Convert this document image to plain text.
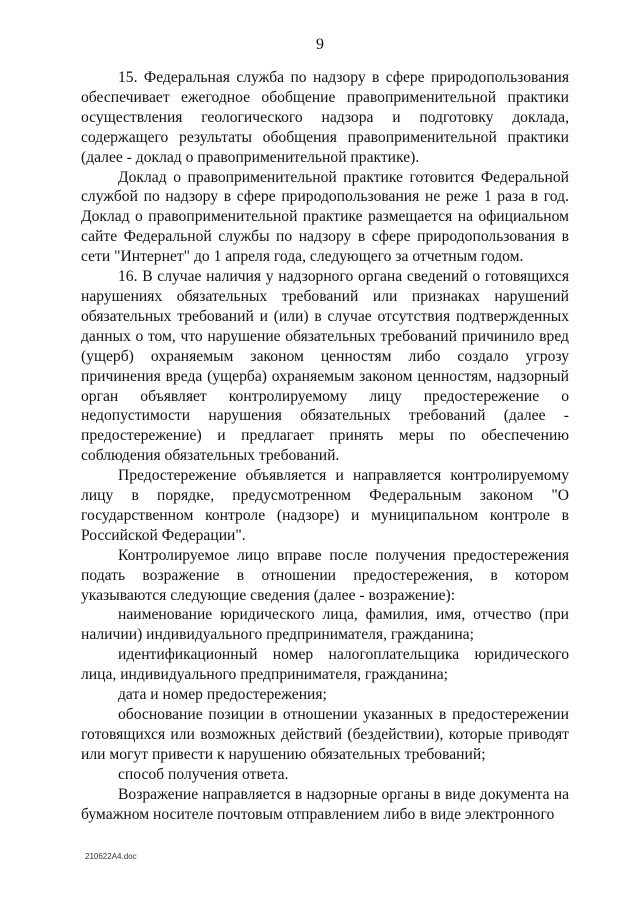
9

15. Федеральная служба по надзору в сфере природопользования обеспечивает ежегодное обобщение правоприменительной практики осуществления геологического надзора и подготовку доклада, содержащего результаты обобщения правоприменительной практики (далее - доклад о правоприменительной практике).

Доклад о правоприменительной практике готовится Федеральной службой по надзору в сфере природопользования не реже 1 раза в год. Доклад о правоприменительной практике размещается на официальном сайте Федеральной службы по надзору в сфере природопользования в сети "Интернет" до 1 апреля года, следующего за отчетным годом.

16. В случае наличия у надзорного органа сведений о готовящихся нарушениях обязательных требований или признаках нарушений обязательных требований и (или) в случае отсутствия подтвержденных данных о том, что нарушение обязательных требований причинило вред (ущерб) охраняемым законом ценностям либо создало угрозу причинения вреда (ущерба) охраняемым законом ценностям, надзорный орган объявляет контролируемому лицу предостережение о недопустимости нарушения обязательных требований (далее - предостережение) и предлагает принять меры по обеспечению соблюдения обязательных требований.

Предостережение объявляется и направляется контролируемому лицу в порядке, предусмотренном Федеральным законом "О государственном контроле (надзоре) и муниципальном контроле в Российской Федерации".

Контролируемое лицо вправе после получения предостережения подать возражение в отношении предостережения, в котором указываются следующие сведения (далее - возражение):

наименование юридического лица, фамилия, имя, отчество (при наличии) индивидуального предпринимателя, гражданина;

идентификационный номер налогоплательщика юридического лица, индивидуального предпринимателя, гражданина;

дата и номер предостережения;

обоснование позиции в отношении указанных в предостережении готовящихся или возможных действий (бездействии), которые приводят или могут привести к нарушению обязательных требований;

способ получения ответа.

Возражение направляется в надзорные органы в виде документа на бумажном носителе почтовым отправлением либо в виде электронного

210622A4.doc
